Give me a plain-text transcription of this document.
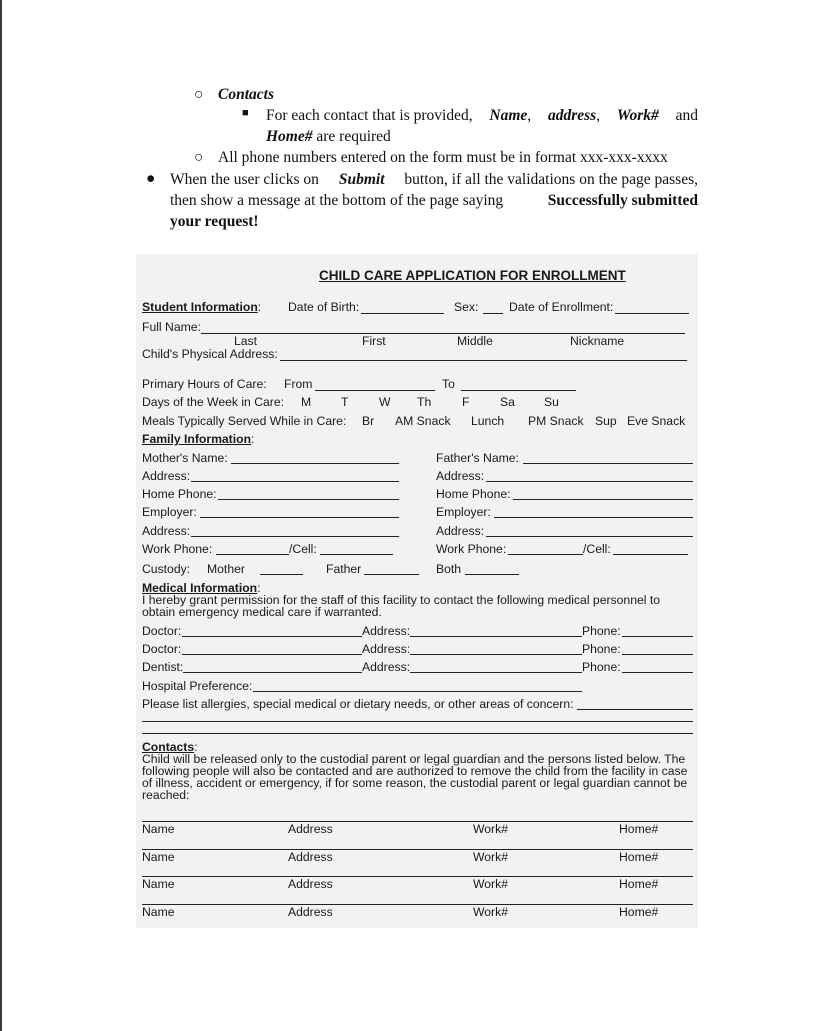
○ Contacts
■ For each contact that is provided, Name, address, Work# and
Home# are required
○ All phone numbers entered on the form must be in format xxx-xxx-xxxx
● When the user clicks on Submit button, if all the validations on the page passes,
then show a message at the bottom of the page saying	Successfully submitted
your request!
CHILD CARE APPLICATION FOR ENROLLMENT
Student Information: Date of Birth:	Sex:	Date of Enrollment:
Full Name:
Last	First	Middle	Nickname
Child's Physical Address:
Primary Hours of Care: From	To
Days of the Week in Care: M T	W Th	F	Sa Su
Meals Typically Served While in Care: Br AM Snack Lunch PM Snack Sup Eve Snack
Family Information:
Mother's Name:	Father's Name:
Address:	Address:
Home Phone:	Home Phone:
Employer:	Employer:
Address:	Address:
Work Phone:	/Cell:	Work Phone:	/Cell:
Custody: Mother	Father	Both
Medical Information:
I hereby grant permission for the staff of this facility to contact the following medical personnel to
obtain emergency medical care if warranted.
Doctor:	Address:	Phone:
Doctor:	Address:	Phone:
Dentist:	Address:	Phone:
Hospital Preference:
Please list allergies, special medical or dietary needs, or other areas of concern:
Contacts:
Child will be released only to the custodial parent or legal guardian and the persons listed below. The
following people will also be contacted and are authorized to remove the child from the facility in case
of illness, accident or emergency, if for some reason, the custodial parent or legal guardian cannot be
reached:
Name	Address	Work#	Home#
Name	Address	Work#	Home#
Name	Address	Work#	Home#
Name	Address	Work#	Home#
